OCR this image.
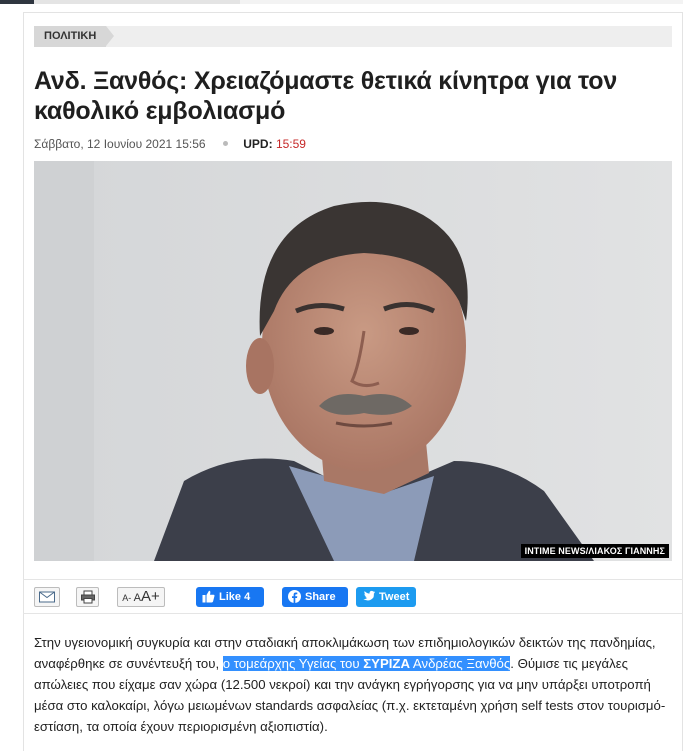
ΠΟΛΙΤΙΚΗ
Ανδ. Ξανθός: Χρειαζόμαστε θετικά κίνητρα για τον καθολικό εμβολιασμό
Σάββατο, 12 Ιουνίου 2021 15:56	UPD: 15:59
INTIME NEWS/ΛΙΑΚΟΣ ΓΙΑΝΝΗΣ
A- AA+	Like 4	Share	Tweet

Στην υγειονομική συγκυρία και στην σταδιακή αποκλιμάκωση των επιδημιολογικών δεικτών της πανδημίας, αναφέρθηκε σε συνέντευξή του, ο τομεάρχης Υγείας του ΣΥΡΙΖΑ Ανδρέας Ξανθός. Θύμισε τις μεγάλες απώλειες που είχαμε σαν χώρα (12.500 νεκροί) και την ανάγκη εγρήγορσης για να μην υπάρξει υποτροπή μέσα στο καλοκαίρι, λόγω μειωμένων standards ασφαλείας (π.χ. εκτεταμένη χρήση self tests στον τουρισμό-εστίαση, τα οποία έχουν περιορισμένη αξιοπιστία).
